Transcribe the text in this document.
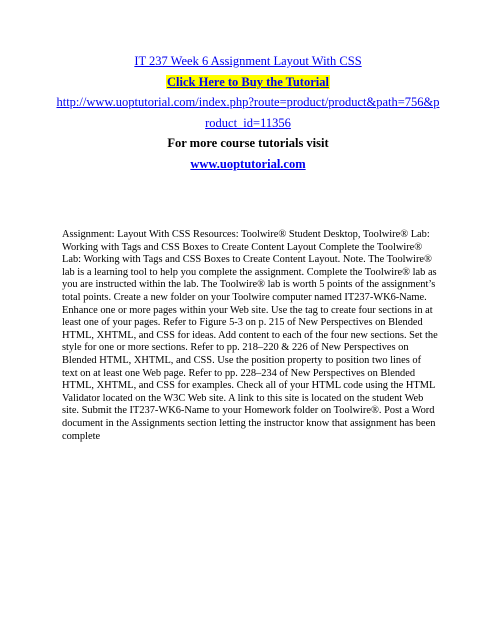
IT 237 Week 6 Assignment Layout With CSS
Click Here to Buy the Tutorial
http://www.uoptutorial.com/index.php?route=product/product&path=756&p
roduct_id=11356
For more course tutorials visit
www.uoptutorial.com

Assignment: Layout With CSS Resources: Toolwire® Student Desktop, Toolwire® Lab: Working with Tags and CSS Boxes to Create Content Layout Complete the Toolwire® Lab: Working with Tags and CSS Boxes to Create Content Layout. Note. The Toolwire® lab is a learning tool to help you complete the assignment. Complete the Toolwire® lab as you are instructed within the lab. The Toolwire® lab is worth 5 points of the assignment’s total points. Create a new folder on your Toolwire computer named IT237-WK6-Name. Enhance one or more pages within your Web site. Use the tag to create four sections in at least one of your pages. Refer to Figure 5-3 on p. 215 of New Perspectives on Blended HTML, XHTML, and CSS for ideas. Add content to each of the four new sections. Set the style for one or more sections. Refer to pp. 218–220 & 226 of New Perspectives on Blended HTML, XHTML, and CSS. Use the position property to position two lines of text on at least one Web page. Refer to pp. 228–234 of New Perspectives on Blended HTML, XHTML, and CSS for examples. Check all of your HTML code using the HTML Validator located on the W3C Web site. A link to this site is located on the student Web site. Submit the IT237-WK6-Name to your Homework folder on Toolwire®. Post a Word document in the Assignments section letting the instructor know that assignment has been complete
